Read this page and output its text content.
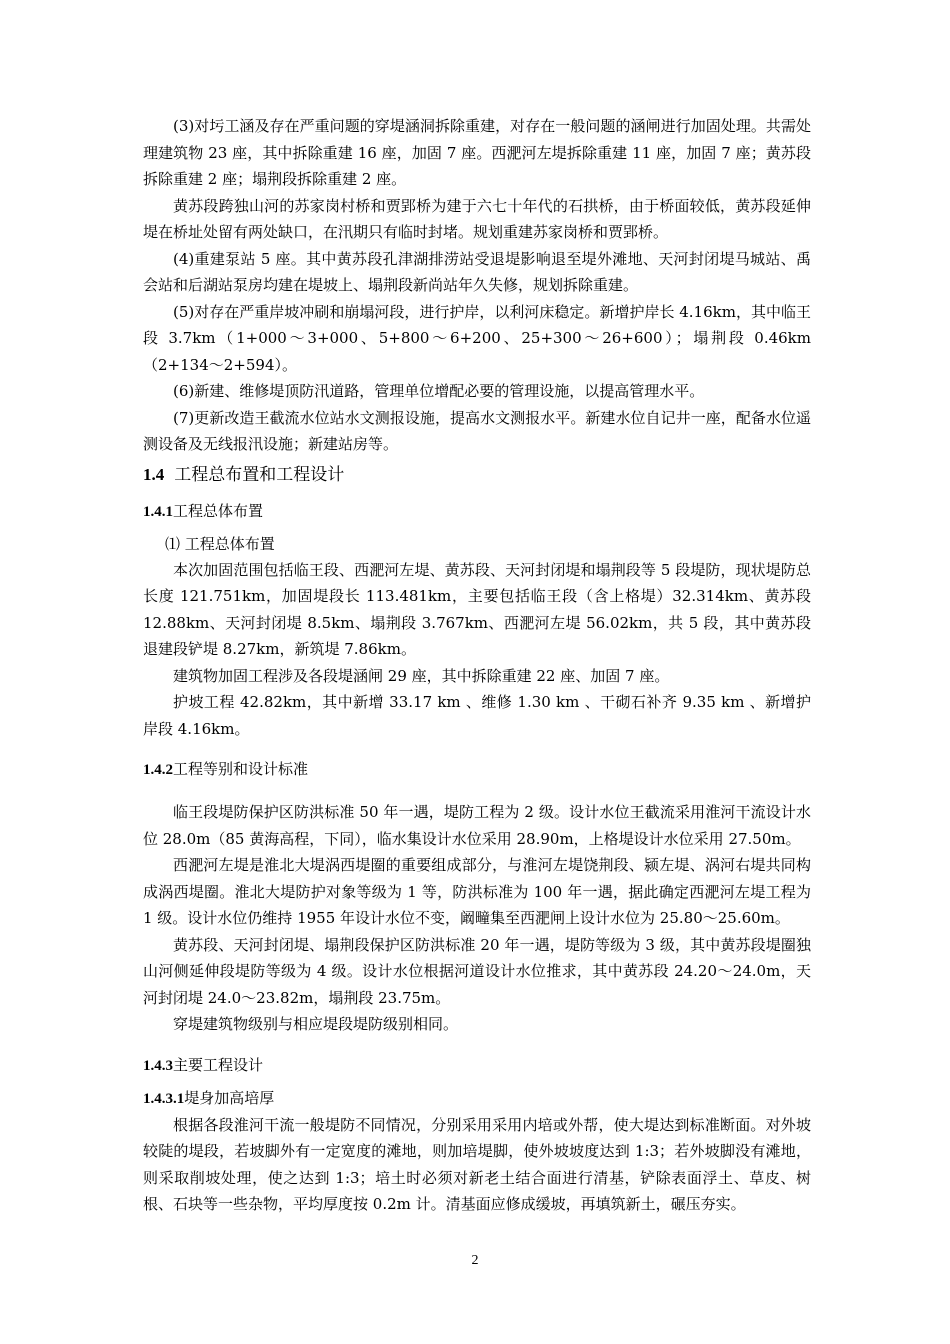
(3)对圬工涵及存在严重问题的穿堤涵洞拆除重建，对存在一般问题的涵闸进行加固处理。共需处理建筑物 23 座，其中拆除重建 16 座，加固 7 座。西淝河左堤拆除重建 11 座，加固 7 座；黄苏段拆除重建 2 座；塌荆段拆除重建 2 座。

黄苏段跨独山河的苏家岗村桥和贾郢桥为建于六七十年代的石拱桥，由于桥面较低，黄苏段延伸堤在桥址处留有两处缺口，在汛期只有临时封堵。规划重建苏家岗桥和贾郢桥。

(4)重建泵站 5 座。其中黄苏段孔津湖排涝站受退堤影响退至堤外滩地、天河封闭堤马城站、禹会站和后湖站泵房均建在堤坡上、塌荆段新尚站年久失修，规划拆除重建。

(5)对存在严重岸坡冲刷和崩塌河段，进行护岸，以利河床稳定。新增护岸长 4.16km，其中临王段 3.7km（1+000～3+000、5+800～6+200、25+300～26+600）；塌荆段 0.46km（2+134～2+594）。

(6)新建、维修堤顶防汛道路，管理单位增配必要的管理设施，以提高管理水平。

(7)更新改造王截流水位站水文测报设施，提高水文测报水平。新建水位自记井一座，配备水位遥测设备及无线报汛设施；新建站房等。

1.4 工程总布置和工程设计
1.4.1工程总体布置
⑴ 工程总体布置

本次加固范围包括临王段、西淝河左堤、黄苏段、天河封闭堤和塌荆段等 5 段堤防，现状堤防总长度 121.751km，加固堤段长 113.481km，主要包括临王段（含上格堤）32.314km、黄苏段 12.88km、天河封闭堤 8.5km、塌荆段 3.767km、西淝河左堤 56.02km，共 5 段，其中黄苏段退建段铲堤 8.27km，新筑堤 7.86km。

建筑物加固工程涉及各段堤涵闸 29 座，其中拆除重建 22 座、加固 7 座。

护坡工程 42.82km，其中新增 33.17 km 、维修 1.30 km 、干砌石补齐 9.35 km 、新增护岸段 4.16km。

1.4.2工程等别和设计标准

临王段堤防保护区防洪标准 50 年一遇，堤防工程为 2 级。设计水位王截流采用淮河干流设计水位 28.0m（85 黄海高程，下同），临水集设计水位采用 28.90m，上格堤设计水位采用 27.50m。

西淝河左堤是淮北大堤涡西堤圈的重要组成部分，与淮河左堤饶荆段、颍左堤、涡河右堤共同构成涡西堤圈。淮北大堤防护对象等级为 1 等，防洪标准为 100 年一遇，据此确定西淝河左堤工程为 1 级。设计水位仍维持 1955 年设计水位不变，阚疃集至西淝闸上设计水位为 25.80～25.60m。

黄苏段、天河封闭堤、塌荆段保护区防洪标准 20 年一遇，堤防等级为 3 级，其中黄苏段堤圈独山河侧延伸段堤防等级为 4 级。设计水位根据河道设计水位推求，其中黄苏段 24.20～24.0m，天河封闭堤 24.0～23.82m，塌荆段 23.75m。

穿堤建筑物级别与相应堤段堤防级别相同。

1.4.3主要工程设计
1.4.3.1堤身加高培厚

根据各段淮河干流一般堤防不同情况，分别采用采用内培或外帮，使大堤达到标准断面。对外坡较陡的堤段，若坡脚外有一定宽度的滩地，则加培堤脚，使外坡坡度达到 1:3；若外坡脚没有滩地，则采取削坡处理，使之达到 1:3；培土时必须对新老土结合面进行清基，铲除表面浮土、草皮、树根、石块等一些杂物，平均厚度按 0.2m 计。清基面应修成缓坡，再填筑新土，碾压夯实。

2
